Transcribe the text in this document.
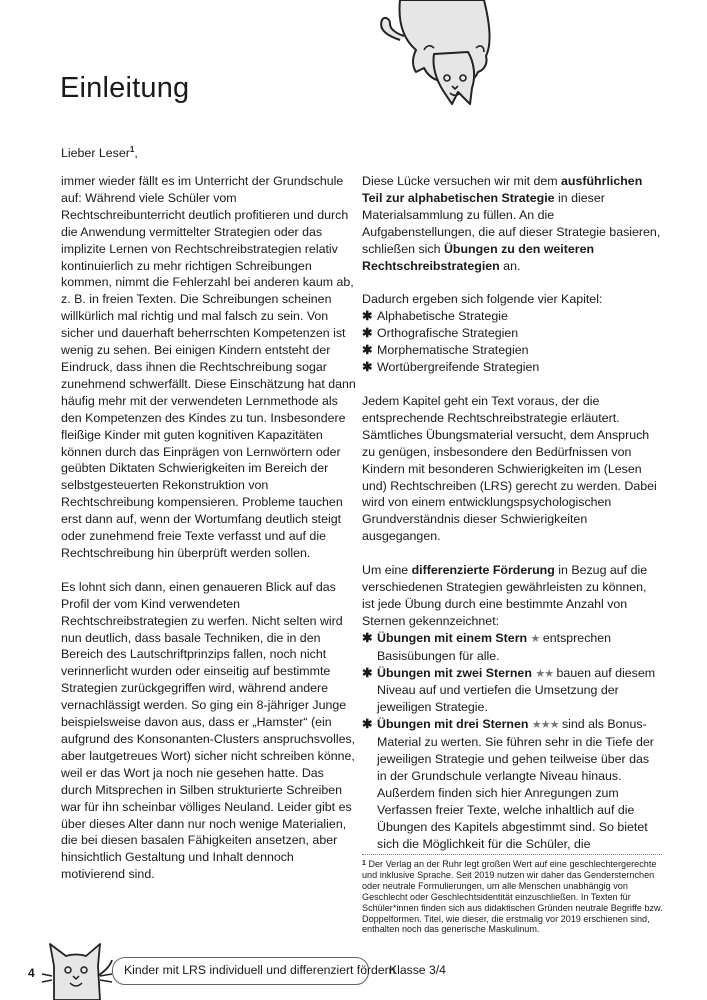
Einleitung
Lieber Leser$^1$,

immer wieder fällt es im Unterricht der Grundschule auf: Während viele Schüler vom Rechtschreibunterricht deutlich profitieren und durch die Anwendung vermittelter Strategien oder das implizite Lernen von Rechtschreibstrategien relativ kontinuierlich zu mehr richtigen Schreibungen kommen, nimmt die Fehlerzahl bei anderen kaum ab, z. B. in freien Texten. Die Schreibungen scheinen willkürlich mal richtig und mal falsch zu sein. Von sicher und dauerhaft beherrschten Kompetenzen ist wenig zu sehen. Bei einigen Kindern entsteht der Eindruck, dass ihnen die Rechtschreibung sogar zunehmend schwerfällt. Diese Einschätzung hat dann häufig mehr mit der verwendeten Lernmethode als den Kompetenzen des Kindes zu tun. Insbesondere fleißige Kinder mit guten kognitiven Kapazitäten können durch das Einprägen von Lernwörtern oder geübten Diktaten Schwierigkeiten im Bereich der selbstgesteuerten Rekonstruktion von Rechtschreibung kompensieren. Probleme tauchen erst dann auf, wenn der Wortumfang deutlich steigt oder zunehmend freie Texte verfasst und auf die Rechtschreibung hin überprüft werden sollen.

Es lohnt sich dann, einen genaueren Blick auf das Profil der vom Kind verwendeten Rechtschreibstrategien zu werfen. Nicht selten wird nun deutlich, dass basale Techniken, die in den Bereich des Lautschriftprinzips fallen, noch nicht verinnerlicht wurden oder einseitig auf bestimmte Strategien zurückgegriffen wird, während andere vernachlässigt werden. So ging ein 8-jähriger Junge beispielsweise davon aus, dass er „Hamster“ (ein aufgrund des Konsonanten-Clusters anspruchsvolles, aber lautgetreues Wort) sicher nicht schreiben könne, weil er das Wort ja noch nie gesehen hatte. Das durch Mitsprechen in Silben strukturierte Schreiben war für ihn scheinbar völliges Neuland. Leider gibt es über dieses Alter dann nur noch wenige Materialien, die bei diesen basalen Fähigkeiten ansetzen, aber hinsichtlich Gestaltung und Inhalt dennoch motivierend sind.

Diese Lücke versuchen wir mit dem ausführlichen Teil zur alphabetischen Strategie in dieser Materialsammlung zu füllen. An die Aufgabenstellungen, die auf dieser Strategie basieren, schließen sich Übungen zu den weiteren Rechtschreibstrategien an.

Dadurch ergeben sich folgende vier Kapitel:

✱ Alphabetische Strategie
✱ Orthografische Strategien
✱ Morphematische Strategien
✱ Wortübergreifende Strategien

Jedem Kapitel geht ein Text voraus, der die entsprechende Rechtschreibstrategie erläutert. Sämtliches Übungsmaterial versucht, dem Anspruch zu genügen, insbesondere den Bedürfnissen von Kindern mit besonderen Schwierigkeiten im (Lesen und) Rechtschreiben (LRS) gerecht zu werden. Dabei wird von einem entwicklungspsychologischen Grundverständnis dieser Schwierigkeiten ausgegangen.

Um eine differenzierte Förderung in Bezug auf die verschiedenen Strategien gewährleisten zu können, ist jede Übung durch eine bestimmte Anzahl von Sternen gekennzeichnet:

✱ Übungen mit einem Stern ★ entsprechen Basisübungen für alle.
✱ Übungen mit zwei Sternen ★★ bauen auf diesem Niveau auf und vertiefen die Umsetzung der jeweiligen Strategie.
✱ Übungen mit drei Sternen ★★★ sind als Bonus-Material zu werten. Sie führen sehr in die Tiefe der jeweiligen Strategie und gehen teilweise über das in der Grundschule verlangte Niveau hinaus. Außerdem finden sich hier Anregungen zum Verfassen freier Texte, welche inhaltlich auf die Übungen des Kapitels abgestimmt sind. So bietet sich die Möglichkeit für die Schüler, die
$^1$ Der Verlag an der Ruhr legt großen Wert auf eine geschlechtergerechte und inklusive Sprache. Seit 2019 nutzen wir daher das Gendersternchen oder neutrale Formulierungen, um alle Menschen unabhängig von Geschlecht oder Geschlechtsidentität einzuschließen. In Texten für Schüler*innen finden sich aus didaktischen Gründen neutrale Begriffe bzw. Doppelformen. Titel, wie dieser, die erstmalig vor 2019 erschienen sind, enthalten noch das generische Maskulinum.
4	Kinder mit LRS individuell und differenziert fördern
Klasse 3/4
